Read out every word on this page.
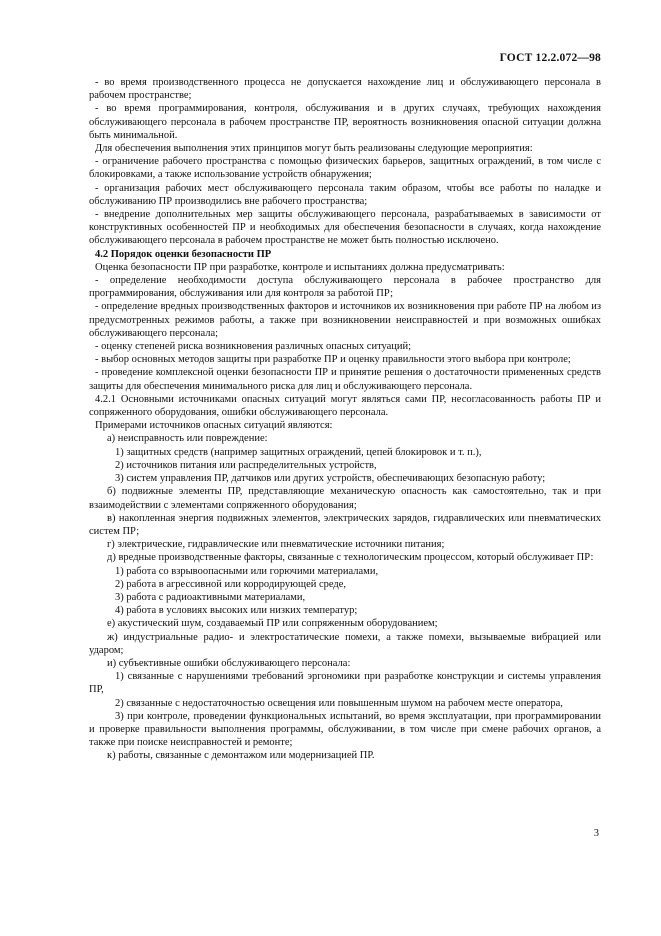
ГОСТ 12.2.072—98

- во время производственного процесса не допускается нахождение лиц и обслуживающего персонала в рабочем пространстве;

- во время программирования, контроля, обслуживания и в других случаях, требующих нахождения обслуживающего персонала в рабочем пространстве ПР, вероятность возникновения опасной ситуации должна быть минимальной.

Для обеспечения выполнения этих принципов могут быть реализованы следующие мероприятия:

- ограничение рабочего пространства с помощью физических барьеров, защитных ограждений, в том числе с блокировками, а также использование устройств обнаружения;

- организация рабочих мест обслуживающего персонала таким образом, чтобы все работы по наладке и обслуживанию ПР производились вне рабочего пространства;

- внедрение дополнительных мер защиты обслуживающего персонала, разрабатываемых в зависимости от конструктивных особенностей ПР и необходимых для обеспечения безопасности в случаях, когда нахождение обслуживающего персонала в рабочем пространстве не может быть полностью исключено.

4.2 Порядок оценки безопасности ПР

Оценка безопасности ПР при разработке, контроле и испытаниях должна предусматривать:

- определение необходимости доступа обслуживающего персонала в рабочее пространство для программирования, обслуживания или для контроля за работой ПР;

- определение вредных производственных факторов и источников их возникновения при работе ПР на любом из предусмотренных режимов работы, а также при возникновении неисправностей и при возможных ошибках обслуживающего персонала;

- оценку степеней риска возникновения различных опасных ситуаций;

- выбор основных методов защиты при разработке ПР и оценку правильности этого выбора при контроле;

- проведение комплексной оценки безопасности ПР и принятие решения о достаточности примененных средств защиты для обеспечения минимального риска для лиц и обслуживающего персонала.

4.2.1 Основными источниками опасных ситуаций могут являться сами ПР, несогласованность работы ПР и сопряженного оборудования, ошибки обслуживающего персонала.

Примерами источников опасных ситуаций являются:

а) неисправность или повреждение:

1) защитных средств (например защитных ограждений, цепей блокировок и т. п.),

2) источников питания или распределительных устройств,

3) систем управления ПР, датчиков или других устройств, обеспечивающих безопасную работу;

б) подвижные элементы ПР, представляющие механическую опасность как самостоятельно, так и при взаимодействии с элементами сопряженного оборудования;

в) накопленная энергия подвижных элементов, электрических зарядов, гидравлических или пневматических систем ПР;

г) электрические, гидравлические или пневматические источники питания;

д) вредные производственные факторы, связанные с технологическим процессом, который обслуживает ПР:

1) работа со взрывоопасными или горючими материалами,

2) работа в агрессивной или корродирующей среде,

3) работа с радиоактивными материалами,

4) работа в условиях высоких или низких температур;

е) акустический шум, создаваемый ПР или сопряженным оборудованием;

ж) индустриальные радио- и электростатические помехи, а также помехи, вызываемые вибрацией или ударом;

и) субъективные ошибки обслуживающего персонала:

1) связанные с нарушениями требований эргономики при разработке конструкции и системы управления ПР,

2) связанные с недостаточностью освещения или повышенным шумом на рабочем месте оператора,

3) при контроле, проведении функциональных испытаний, во время эксплуатации, при программировании и проверке правильности выполнения программы, обслуживании, в том числе при смене рабочих органов, а также при поиске неисправностей и ремонте;

к) работы, связанные с демонтажом или модернизацией ПР.

3
